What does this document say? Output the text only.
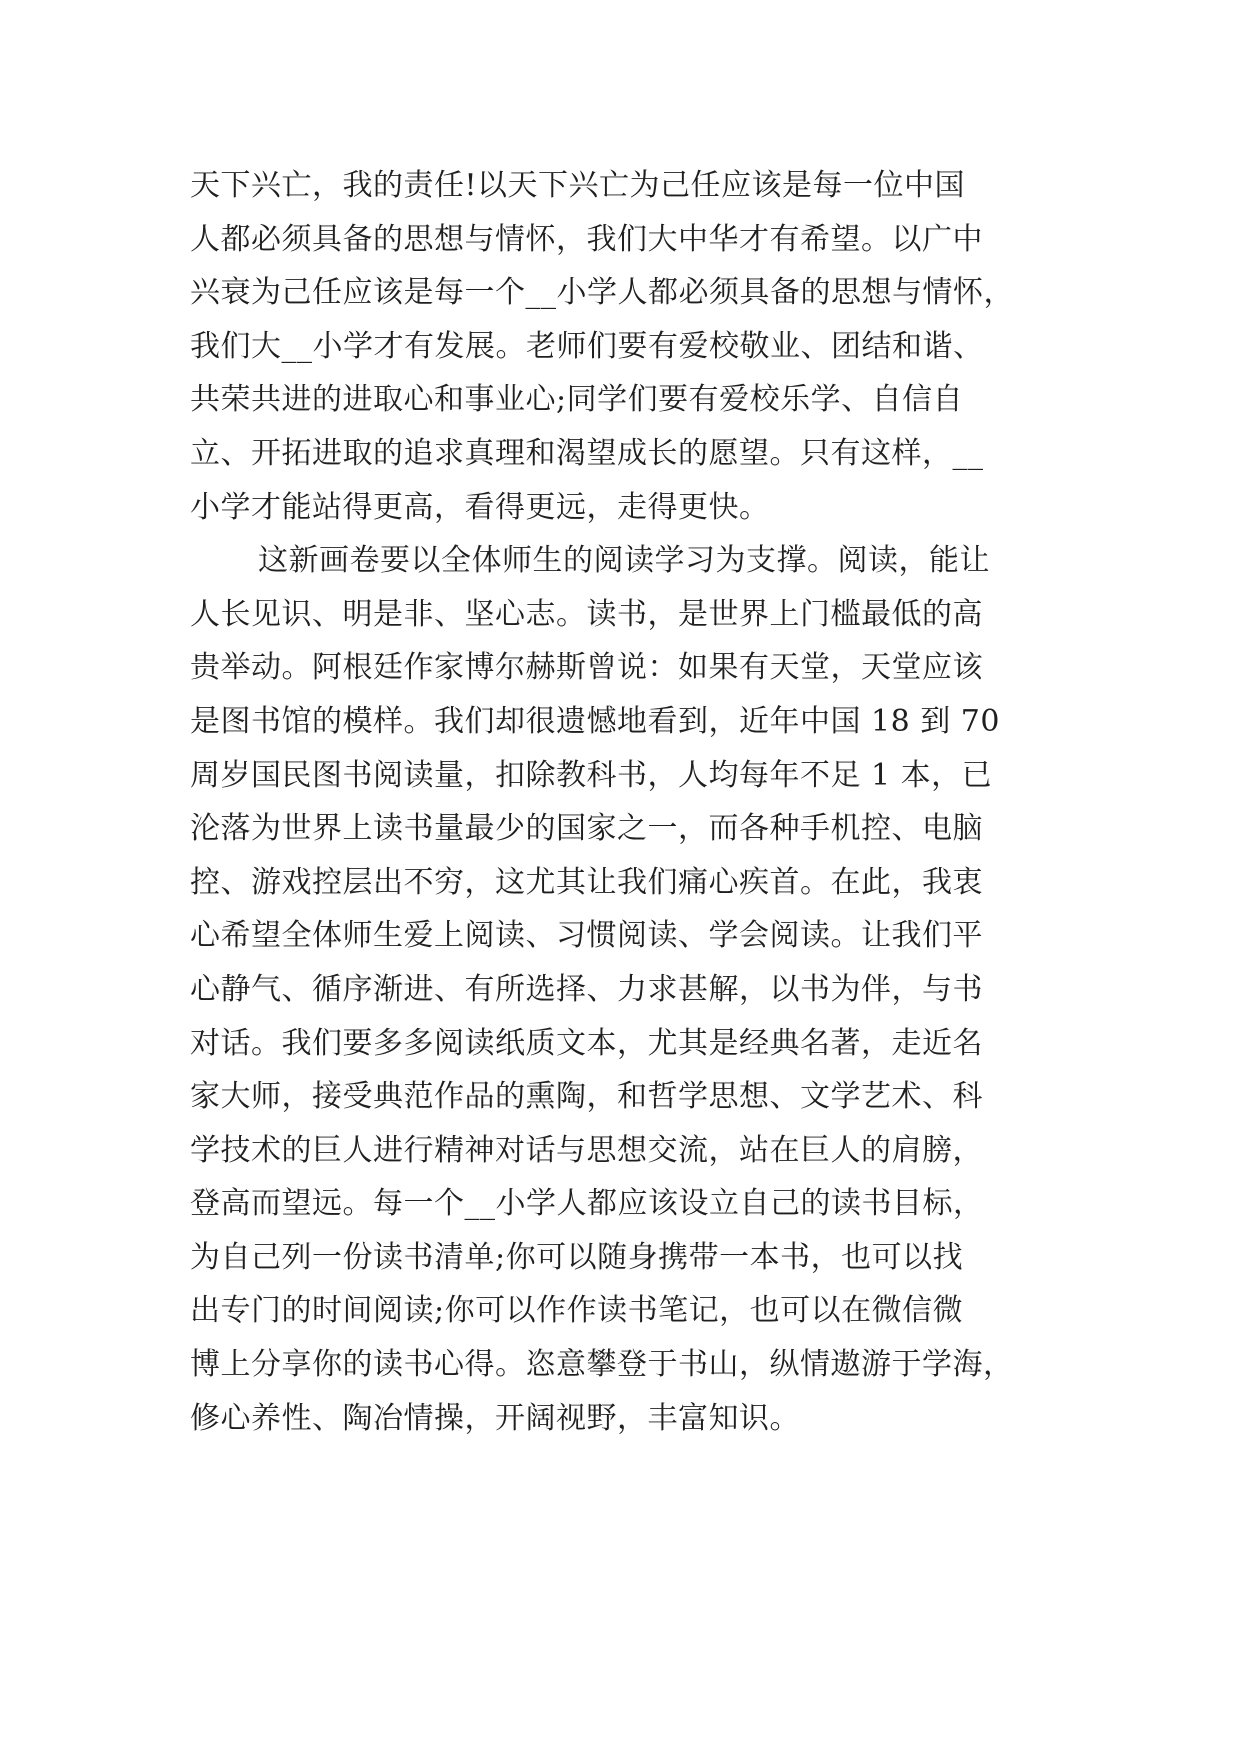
天下兴亡，我的责任!以天下兴亡为己任应该是每一位中国
人都必须具备的思想与情怀，我们大中华才有希望。以广中
兴衰为己任应该是每一个__小学人都必须具备的思想与情怀，
我们大__小学才有发展。老师们要有爱校敬业、团结和谐、
共荣共进的进取心和事业心;同学们要有爱校乐学、自信自
立、开拓进取的追求真理和渴望成长的愿望。只有这样，__
小学才能站得更高，看得更远，走得更快。
这新画卷要以全体师生的阅读学习为支撑。阅读，能让
人长见识、明是非、坚心志。读书，是世界上门槛最低的高
贵举动。阿根廷作家博尔赫斯曾说：如果有天堂，天堂应该
是图书馆的模样。我们却很遗憾地看到，近年中国 18 到 70
周岁国民图书阅读量，扣除教科书，人均每年不足 1 本，已
沦落为世界上读书量最少的国家之一，而各种手机控、电脑
控、游戏控层出不穷，这尤其让我们痛心疾首。在此，我衷
心希望全体师生爱上阅读、习惯阅读、学会阅读。让我们平
心静气、循序渐进、有所选择、力求甚解，以书为伴，与书
对话。我们要多多阅读纸质文本，尤其是经典名著，走近名
家大师，接受典范作品的熏陶，和哲学思想、文学艺术、科
学技术的巨人进行精神对话与思想交流，站在巨人的肩膀，
登高而望远。每一个__小学人都应该设立自己的读书目标，
为自己列一份读书清单;你可以随身携带一本书，也可以找
出专门的时间阅读;你可以作作读书笔记，也可以在微信微
博上分享你的读书心得。恣意攀登于书山，纵情遨游于学海，
修心养性、陶冶情操，开阔视野，丰富知识。
